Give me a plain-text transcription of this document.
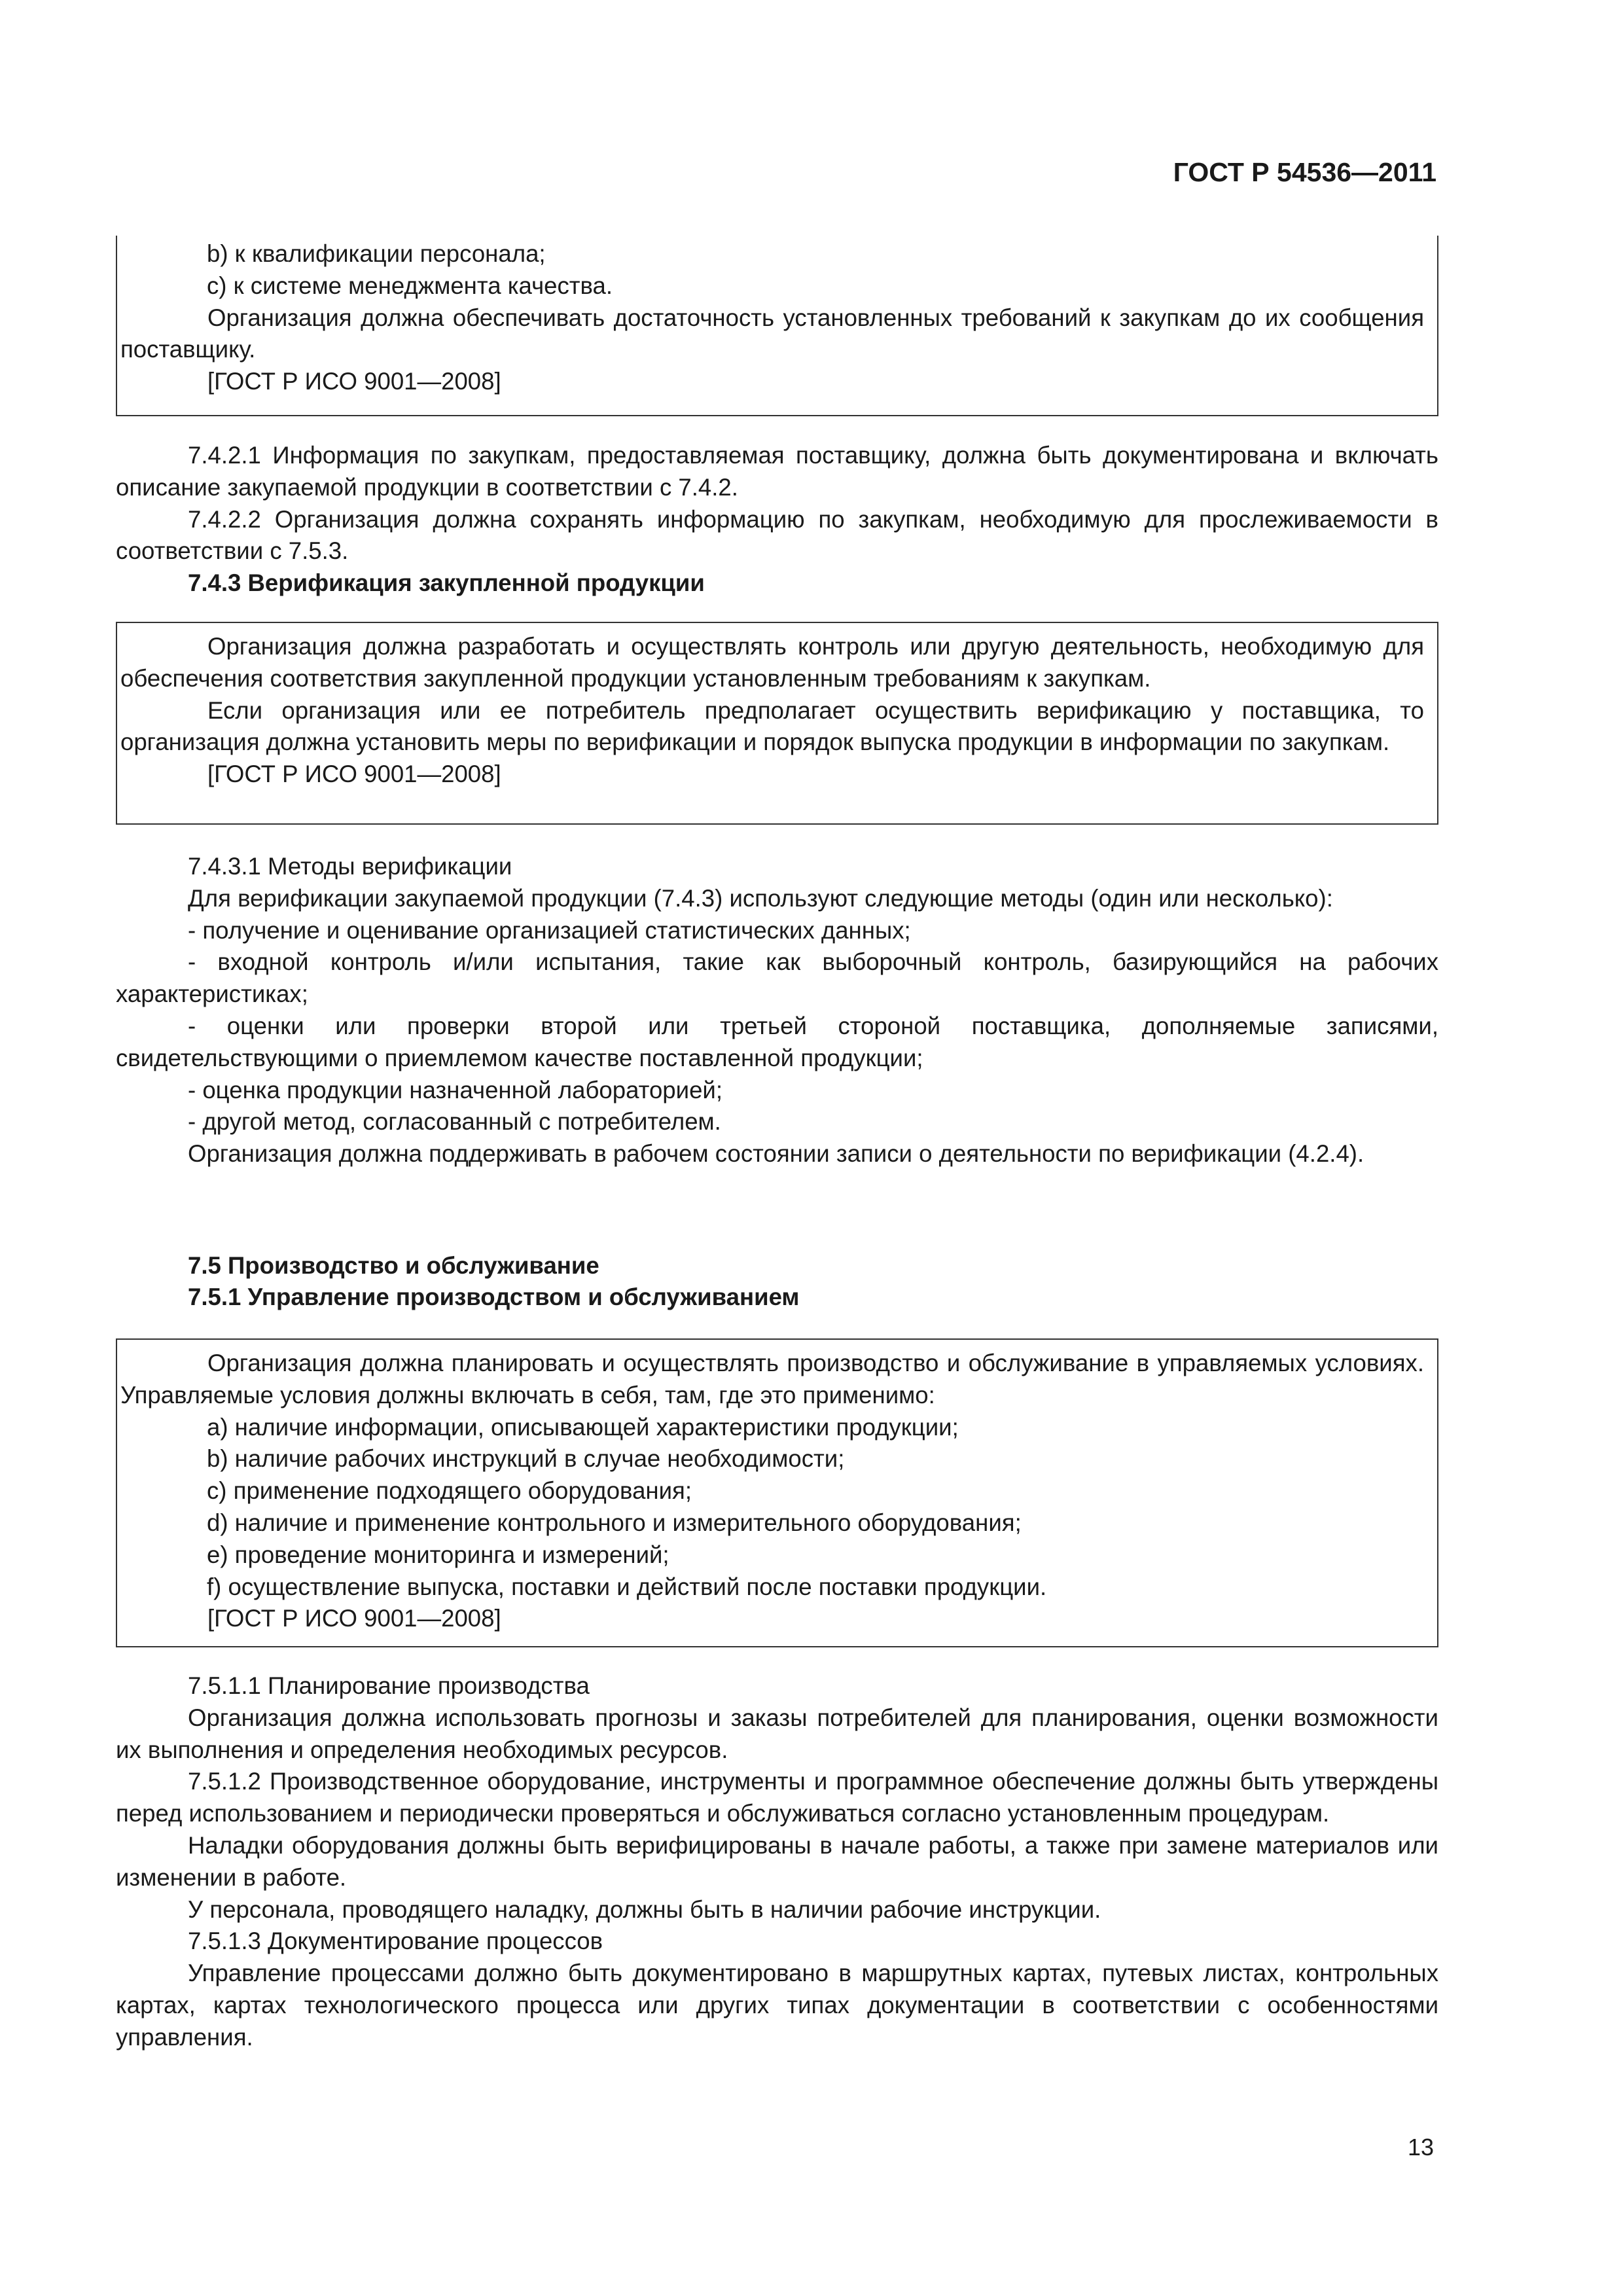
ГОСТ Р 54536—2011
b) к квалификации персонала;
c) к системе менеджмента качества.
Организация должна обеспечивать достаточность установленных требований к закупкам до их сообщения поставщику.
[ГОСТ Р ИСО 9001—2008]
7.4.2.1 Информация по закупкам, предоставляемая поставщику, должна быть документирована и включать описание закупаемой продукции в соответствии с 7.4.2.
7.4.2.2 Организация должна сохранять информацию по закупкам, необходимую для прослеживаемости в соответствии с 7.5.3.
7.4.3 Верификация закупленной продукции
Организация должна разработать и осуществлять контроль или другую деятельность, необходимую для обеспечения соответствия закупленной продукции установленным требованиям к закупкам.
Если организация или ее потребитель предполагает осуществить верификацию у поставщика, то организация должна установить меры по верификации и порядок выпуска продукции в информации по закупкам.
[ГОСТ Р ИСО 9001—2008]
7.4.3.1 Методы верификации
Для верификации закупаемой продукции (7.4.3) используют следующие методы (один или несколько):
- получение и оценивание организацией статистических данных;
- входной контроль и/или испытания, такие как выборочный контроль, базирующийся на рабочих характеристиках;
- оценки или проверки второй или третьей стороной поставщика, дополняемые записями, свидетельствующими о приемлемом качестве поставленной продукции;
- оценка продукции назначенной лабораторией;
- другой метод, согласованный с потребителем.
Организация должна поддерживать в рабочем состоянии записи о деятельности по верификации (4.2.4).
7.5 Производство и обслуживание
7.5.1 Управление производством и обслуживанием
Организация должна планировать и осуществлять производство и обслуживание в управляемых условиях. Управляемые условия должны включать в себя, там, где это применимо:
a) наличие информации, описывающей характеристики продукции;
b) наличие рабочих инструкций в случае необходимости;
c) применение подходящего оборудования;
d) наличие и применение контрольного и измерительного оборудования;
e) проведение мониторинга и измерений;
f) осуществление выпуска, поставки и действий после поставки продукции.
[ГОСТ Р ИСО 9001—2008]
7.5.1.1 Планирование производства
Организация должна использовать прогнозы и заказы потребителей для планирования, оценки возможности их выполнения и определения необходимых ресурсов.
7.5.1.2 Производственное оборудование, инструменты и программное обеспечение должны быть утверждены перед использованием и периодически проверяться и обслуживаться согласно установленным процедурам.
Наладки оборудования должны быть верифицированы в начале работы, а также при замене материалов или изменении в работе.
У персонала, проводящего наладку, должны быть в наличии рабочие инструкции.
7.5.1.3 Документирование процессов
Управление процессами должно быть документировано в маршрутных картах, путевых листах, контрольных картах, картах технологического процесса или других типах документации в соответствии с особенностями управления.
13
